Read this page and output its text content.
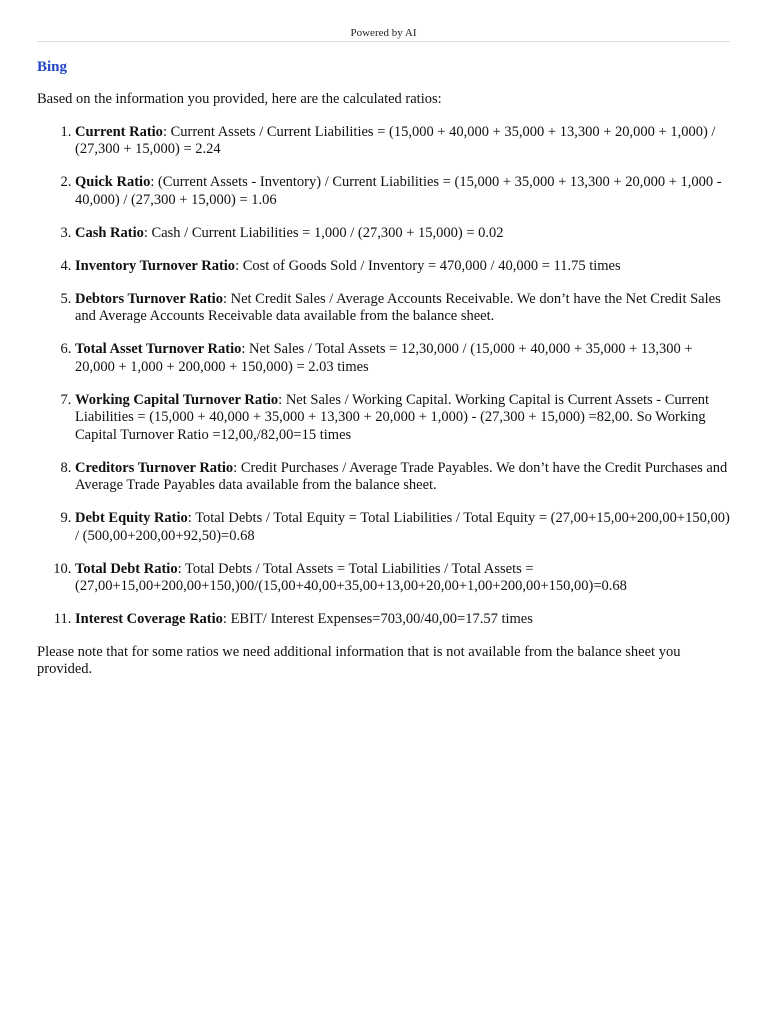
Powered by AI
Bing
Based on the information you provided, here are the calculated ratios:
1. Current Ratio: Current Assets / Current Liabilities = (15,000 + 40,000 + 35,000 + 13,300 + 20,000 + 1,000) / (27,300 + 15,000) = 2.24
2. Quick Ratio: (Current Assets - Inventory) / Current Liabilities = (15,000 + 35,000 + 13,300 + 20,000 + 1,000 - 40,000) / (27,300 + 15,000) = 1.06
3. Cash Ratio: Cash / Current Liabilities = 1,000 / (27,300 + 15,000) = 0.02
4. Inventory Turnover Ratio: Cost of Goods Sold / Inventory = 470,000 / 40,000 = 11.75 times
5. Debtors Turnover Ratio: Net Credit Sales / Average Accounts Receivable. We don’t have the Net Credit Sales and Average Accounts Receivable data available from the balance sheet.
6. Total Asset Turnover Ratio: Net Sales / Total Assets = 12,30,000 / (15,000 + 40,000 + 35,000 + 13,300 + 20,000 + 1,000 + 200,000 + 150,000) = 2.03 times
7. Working Capital Turnover Ratio: Net Sales / Working Capital. Working Capital is Current Assets - Current Liabilities = (15,000 + 40,000 + 35,000 + 13,300 + 20,000 + 1,000) - (27,300 + 15,000) =82,00. So Working Capital Turnover Ratio =12,00,/82,00=15 times
8. Creditors Turnover Ratio: Credit Purchases / Average Trade Payables. We don’t have the Credit Purchases and Average Trade Payables data available from the balance sheet.
9. Debt Equity Ratio: Total Debts / Total Equity = Total Liabilities / Total Equity = (27,00+15,00+200,00+150,00) / (500,00+200,00+92,50)=0.68
10. Total Debt Ratio: Total Debts / Total Assets = Total Liabilities / Total Assets = (27,00+15,00+200,00+150,)00/(15,00+40,00+35,00+13,00+20,00+1,00+200,00+150,00)=0.68
11. Interest Coverage Ratio: EBIT/ Interest Expenses=703,00/40,00=17.57 times
Please note that for some ratios we need additional information that is not available from the balance sheet you provided.
